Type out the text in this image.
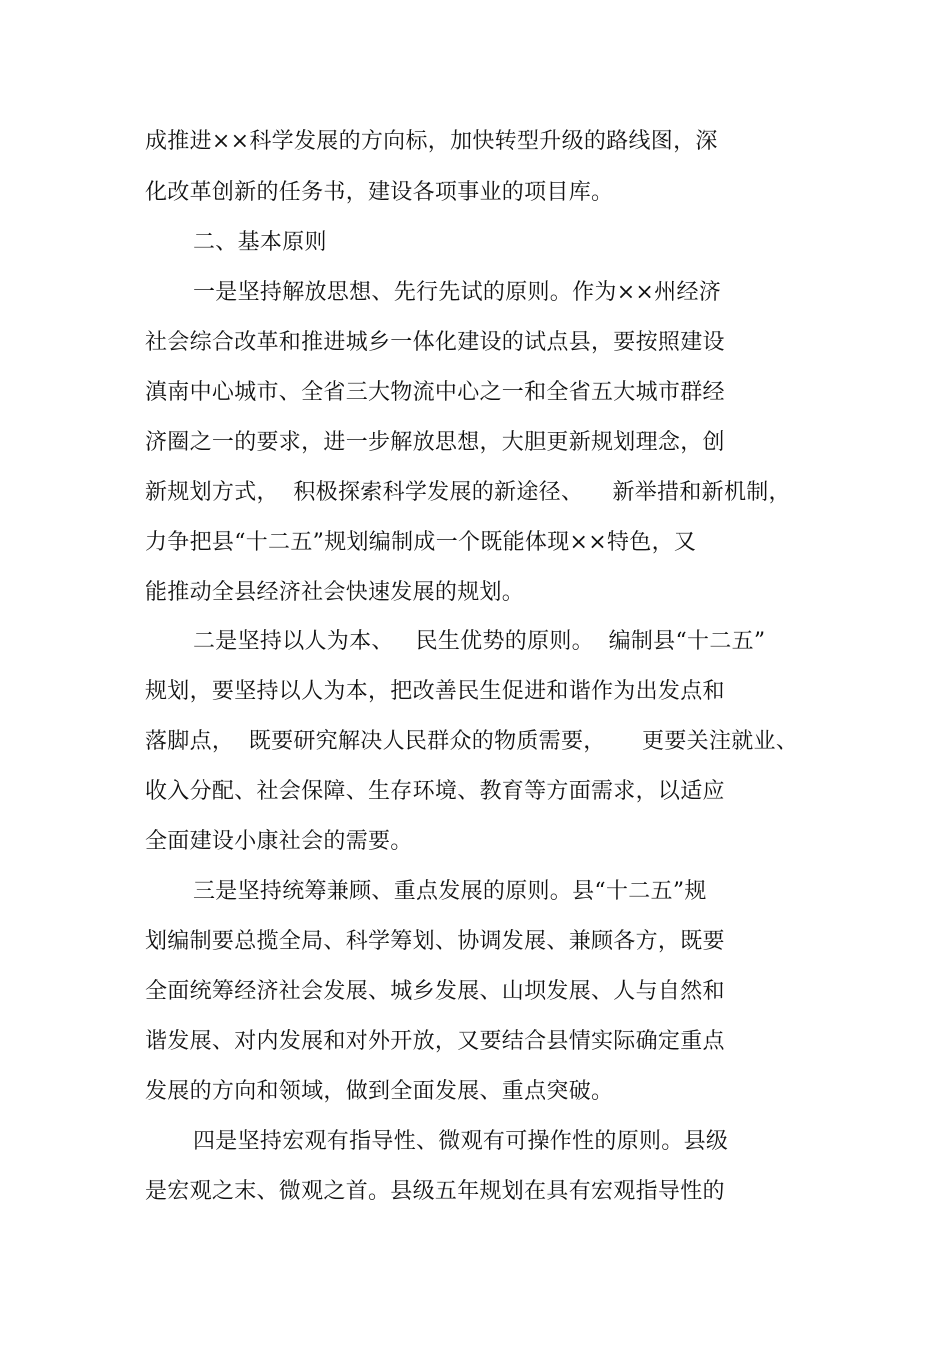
成推进××科学发展的方向标，加快转型升级的路线图，深
化改革创新的任务书，建设各项事业的项目库。
二、基本原则
一是坚持解放思想、先行先试的原则。作为××州经济
社会综合改革和推进城乡一体化建设的试点县，要按照建设
滇南中心城市、全省三大物流中心之一和全省五大城市群经
济圈之一的要求，进一步解放思想，大胆更新规划理念，创
新规划方式，  积极探索科学发展的新途径、    新举措和新机制，
力争把县“十二五”规划编制成一个既能体现××特色，又
能推动全县经济社会快速发展的规划。
二是坚持以人为本、   民生优势的原则。  编制县“十二五”
规划，要坚持以人为本，把改善民生促进和谐作为出发点和
落脚点，  既要研究解决人民群众的物质需要，     更要关注就业、
收入分配、社会保障、生存环境、教育等方面需求，以适应
全面建设小康社会的需要。
三是坚持统筹兼顾、重点发展的原则。县“十二五”规
划编制要总揽全局、科学筹划、协调发展、兼顾各方，既要
全面统筹经济社会发展、城乡发展、山坝发展、人与自然和
谐发展、对内发展和对外开放，又要结合县情实际确定重点
发展的方向和领域，做到全面发展、重点突破。
四是坚持宏观有指导性、微观有可操作性的原则。县级
是宏观之末、微观之首。县级五年规划在具有宏观指导性的
